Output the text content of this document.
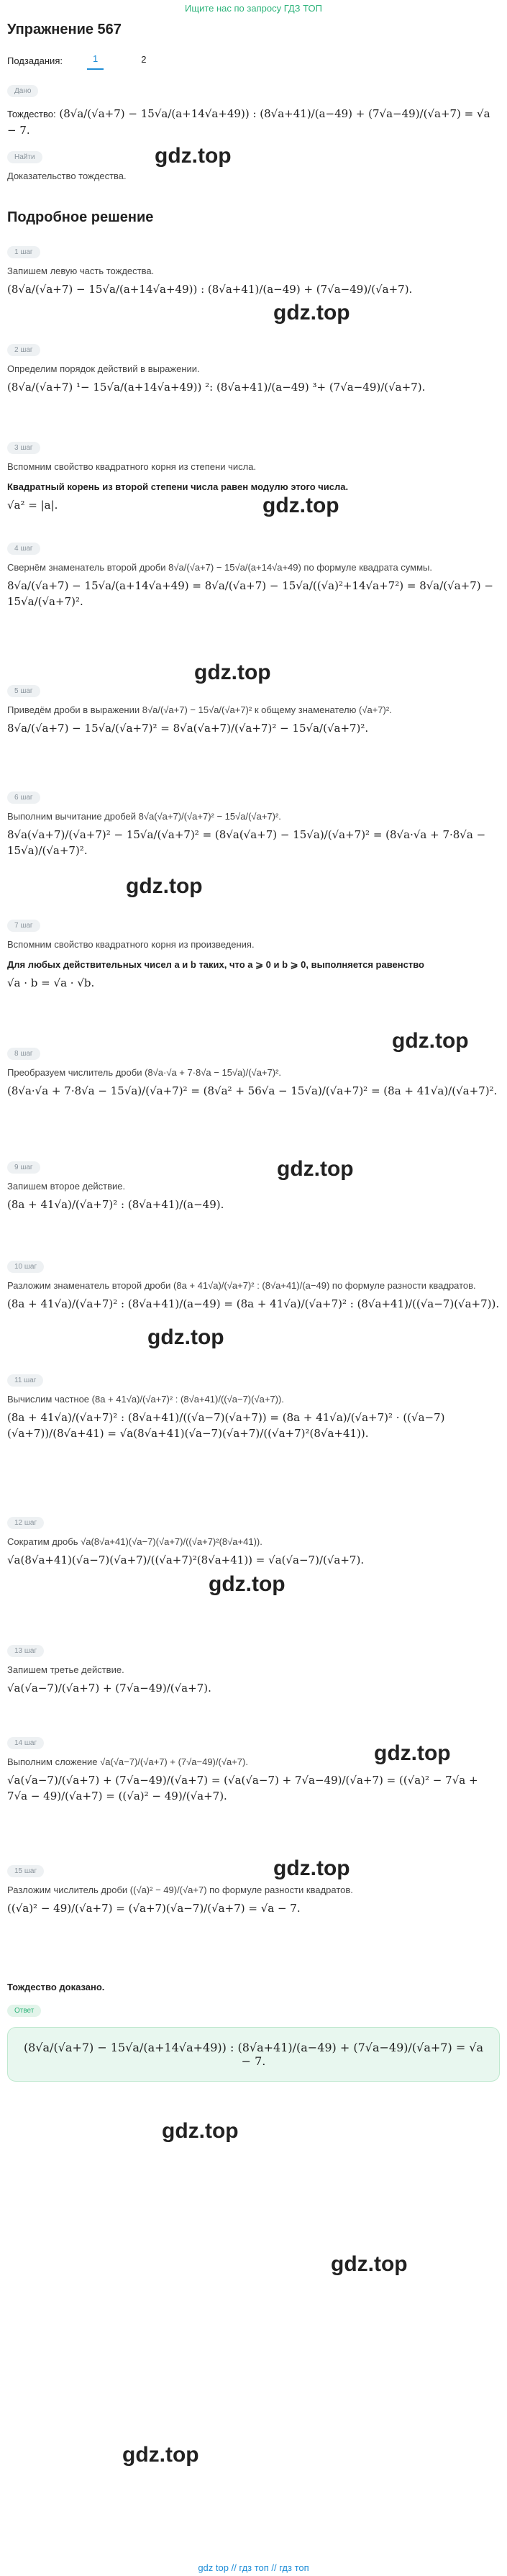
Ищите нас по запросу ГДЗ ТОП
Упражнение 567
Подзадания:	1	2
Дано
Тождество: (8√a/(√a+7) − 15√a/(a+14√a+49)) : (8√a+41)/(a−49) + (7√a−49)/(√a+7) = √a − 7.
Найти
Доказательство тождества.
Подробное решение
1 шаг
Запишем левую часть тождества.
(8√a/(√a+7) − 15√a/(a+14√a+49)) : (8√a+41)/(a−49) + (7√a−49)/(√a+7).
2 шаг
Определим порядок действий в выражении.
(8√a/(√a+7) ¹− 15√a/(a+14√a+49)) ²: (8√a+41)/(a−49) ³+ (7√a−49)/(√a+7).
3 шаг
Вспомним свойство квадратного корня из степени числа.
Квадратный корень из второй степени числа равен модулю этого числа.
√a² = |a|.
4 шаг
Свернём знаменатель второй дроби 8√a/(√a+7) − 15√a/(a+14√a+49) по формуле квадрата суммы.
8√a/(√a+7) − 15√a/(a+14√a+49) = 8√a/(√a+7) − 15√a/((√a)²+14√a+7²) = 8√a/(√a+7) − 15√a/(√a+7)².
5 шаг
Приведём дроби в выражении 8√a/(√a+7) − 15√a/(√a+7)² к общему знаменателю (√a+7)².
8√a/(√a+7) − 15√a/(√a+7)² = 8√a(√a+7)/(√a+7)² − 15√a/(√a+7)².
6 шаг
Выполним вычитание дробей 8√a(√a+7)/(√a+7)² − 15√a/(√a+7)².
8√a(√a+7)/(√a+7)² − 15√a/(√a+7)² = (8√a(√a+7) − 15√a)/(√a+7)² = (8√a·√a + 7·8√a − 15√a)/(√a+7)².
7 шаг
Вспомним свойство квадратного корня из произведения.
Для любых действительных чисел a и b таких, что a ⩾ 0 и b ⩾ 0, выполняется равенство
√a · b = √a · √b.
8 шаг
Преобразуем числитель дроби (8√a·√a + 7·8√a − 15√a)/(√a+7)².
(8√a·√a + 7·8√a − 15√a)/(√a+7)² = (8√a² + 56√a − 15√a)/(√a+7)² = (8a + 41√a)/(√a+7)².
9 шаг
Запишем второе действие.
(8a + 41√a)/(√a+7)² : (8√a+41)/(a−49).
10 шаг
Разложим знаменатель второй дроби (8a + 41√a)/(√a+7)² : (8√a+41)/(a−49) по формуле разности квадратов.
(8a + 41√a)/(√a+7)² : (8√a+41)/(a−49) = (8a + 41√a)/(√a+7)² : (8√a+41)/((√a−7)(√a+7)).
11 шаг
Вычислим частное (8a + 41√a)/(√a+7)² : (8√a+41)/((√a−7)(√a+7)).
(8a + 41√a)/(√a+7)² : (8√a+41)/((√a−7)(√a+7)) = (8a + 41√a)/(√a+7)² · ((√a−7)(√a+7))/(8√a+41) = √a(8√a+41)(√a−7)(√a+7)/((√a+7)²(8√a+41)).
12 шаг
Сократим дробь √a(8√a+41)(√a−7)(√a+7)/((√a+7)²(8√a+41)).
√a(8√a+41)(√a−7)(√a+7)/((√a+7)²(8√a+41)) = √a(√a−7)/(√a+7).
13 шаг
Запишем третье действие.
√a(√a−7)/(√a+7) + (7√a−49)/(√a+7).
14 шаг
Выполним сложение √a(√a−7)/(√a+7) + (7√a−49)/(√a+7).
√a(√a−7)/(√a+7) + (7√a−49)/(√a+7) = (√a(√a−7) + 7√a−49)/(√a+7) = ((√a)² − 7√a + 7√a − 49)/(√a+7) = ((√a)² − 49)/(√a+7).
15 шаг
Разложим числитель дроби ((√a)² − 49)/(√a+7) по формуле разности квадратов.
((√a)² − 49)/(√a+7) = (√a+7)(√a−7)/(√a+7) = √a − 7.
Тождество доказано.
Ответ
(8√a/(√a+7) − 15√a/(a+14√a+49)) : (8√a+41)/(a−49) + (7√a−49)/(√a+7) = √a − 7.
gdz.top
gdz.top
gdz.top
gdz.top
gdz.top
gdz.top
gdz.top
gdz.top
gdz.top
gdz.top
gdz.top
gdz.top
gdz.top
gdz.top
gdz top // гдз топ // гдз топ
